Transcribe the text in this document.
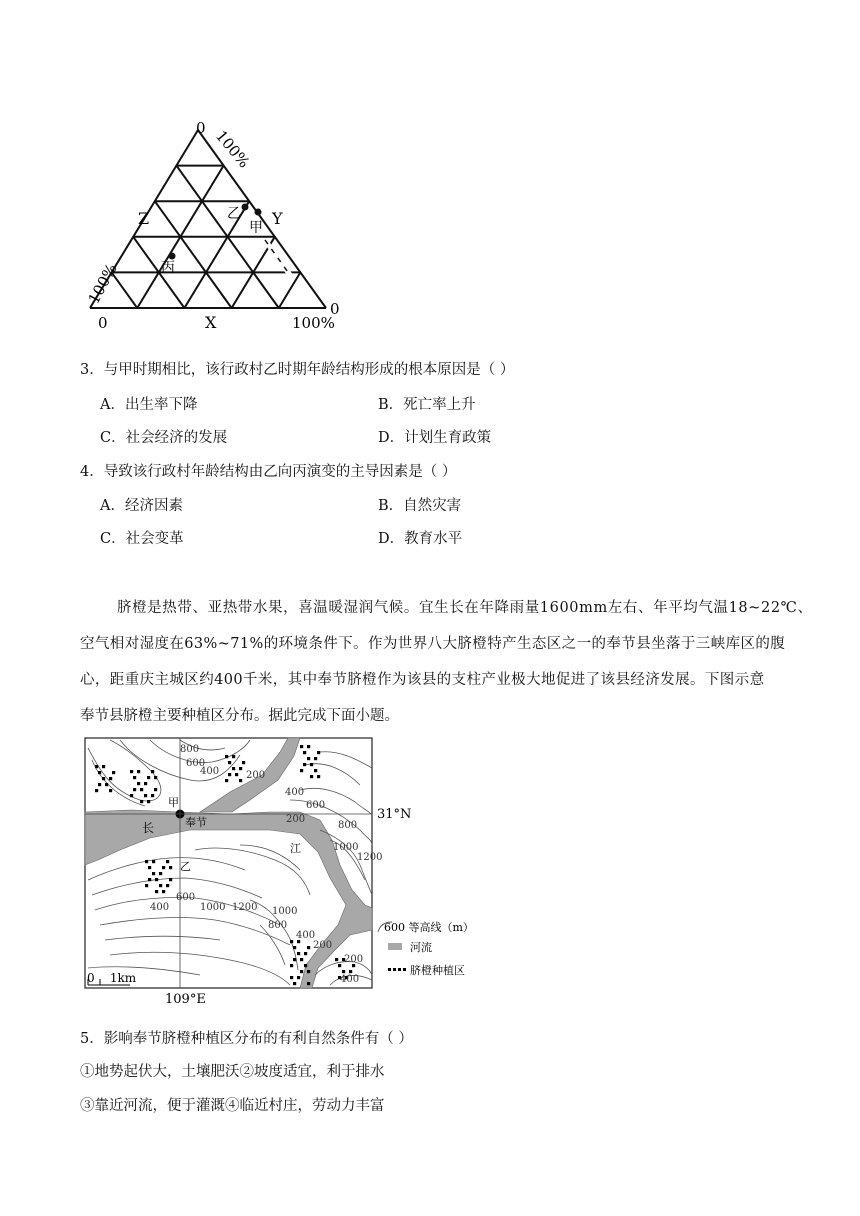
0 100%
Z	Y
100%
0	X	100%
0
乙
甲
丙
3．与甲时期相比，该行政村乙时期年龄结构形成的根本原因是（ ）
A．出生率下降	B．死亡率上升
C．社会经济的发展	D．计划生育政策
4．导致该行政村年龄结构由乙向丙演变的主导因素是（ ）
A．经济因素	B．自然灾害
C．社会变革	D．教育水平
脐橙是热带、亚热带水果，喜温暖湿润气候。宜生长在年降雨量1600mm左右、年平均气温18~22℃、
空气相对湿度在63%~71%的环境条件下。作为世界八大脐橙特产生态区之一的奉节县坐落于三峡库区的腹
心，距重庆主城区约400千米，其中奉节脐橙作为该县的支柱产业极大地促进了该县经济发展。下图示意
奉节县脐橙主要种植区分布。据此完成下面小题。
奉节
甲
乙
长
江
31°N
109°E
0    1km
800
600
400	200
400
600
200
800
1000
1200
400
600
1000 1200 1000
800
400
200
200
400
600 等高线（m）
河流
脐橙种植区
5．影响奉节脐橙种植区分布的有利自然条件有（ ）
①地势起伏大，土壤肥沃②坡度适宜，利于排水
③靠近河流，便于灌溉④临近村庄，劳动力丰富
